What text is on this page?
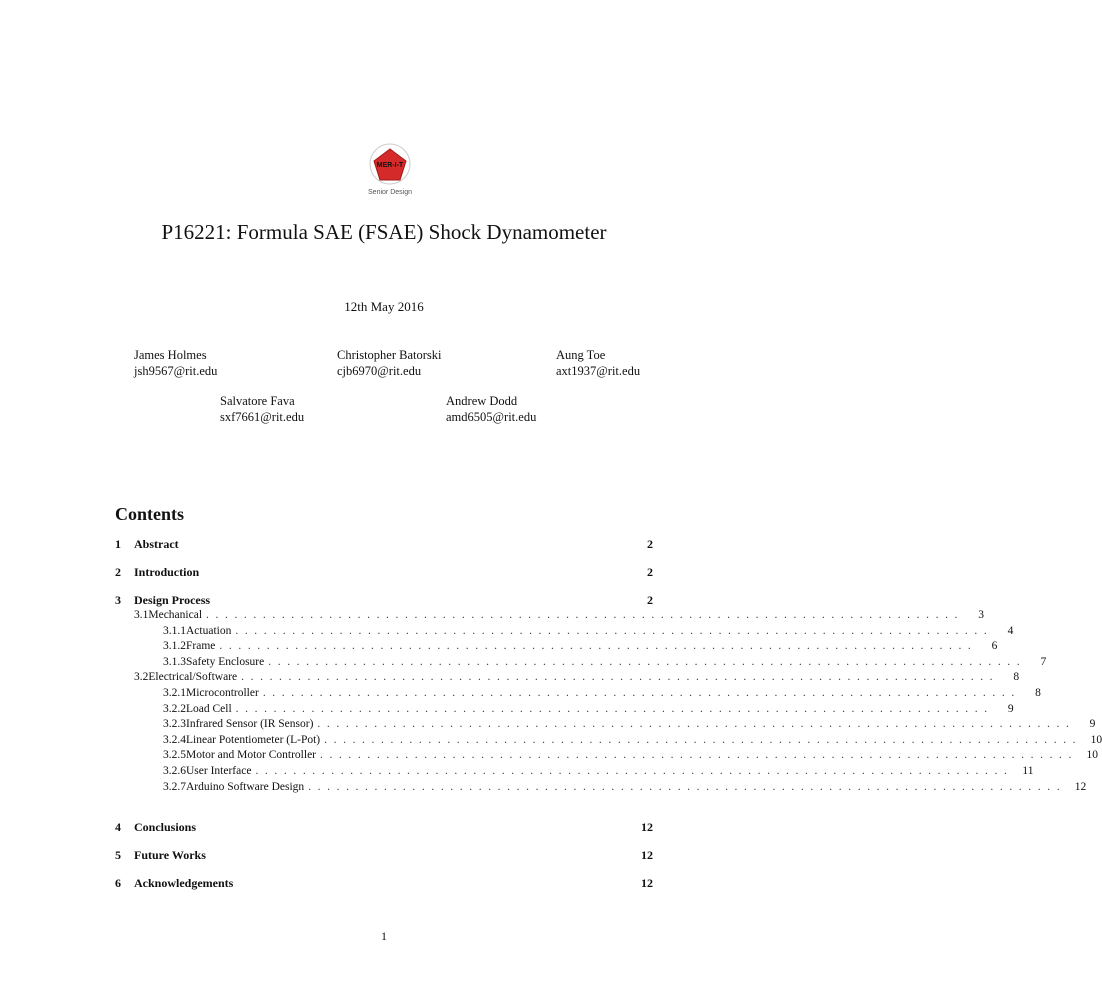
MER-I-T
Senior Design
P16221: Formula SAE (FSAE) Shock Dynamometer
12th May 2016
James Holmes
jsh9567@rit.edu
Christopher Batorski
cjb6970@rit.edu
Aung Toe
axt1937@rit.edu
Salvatore Fava
sxf7661@rit.edu
Andrew Dodd
amd6505@rit.edu
Contents
1	Abstract	2
2	Introduction	2
3	Design Process	2
3.1 Mechanical ................................................................................	3
3.1.1 Actuation ................................................................................	4
3.1.2 Frame ................................................................................	6
3.1.3 Safety Enclosure ................................................................................	7
3.2 Electrical/Software ................................................................................	8
3.2.1 Microcontroller ................................................................................	8
3.2.2 Load Cell ................................................................................	9
3.2.3 Infrared Sensor (IR Sensor) ................................................................................	9
3.2.4 Linear Potentiometer (L-Pot) ................................................................................ 10
3.2.5 Motor and Motor Controller ................................................................................ 10
3.2.6 User Interface ................................................................................ 11
3.2.7 Arduino Software Design ................................................................................ 12
4	Conclusions	12
5	Future Works	12
6	Acknowledgements	12
1
